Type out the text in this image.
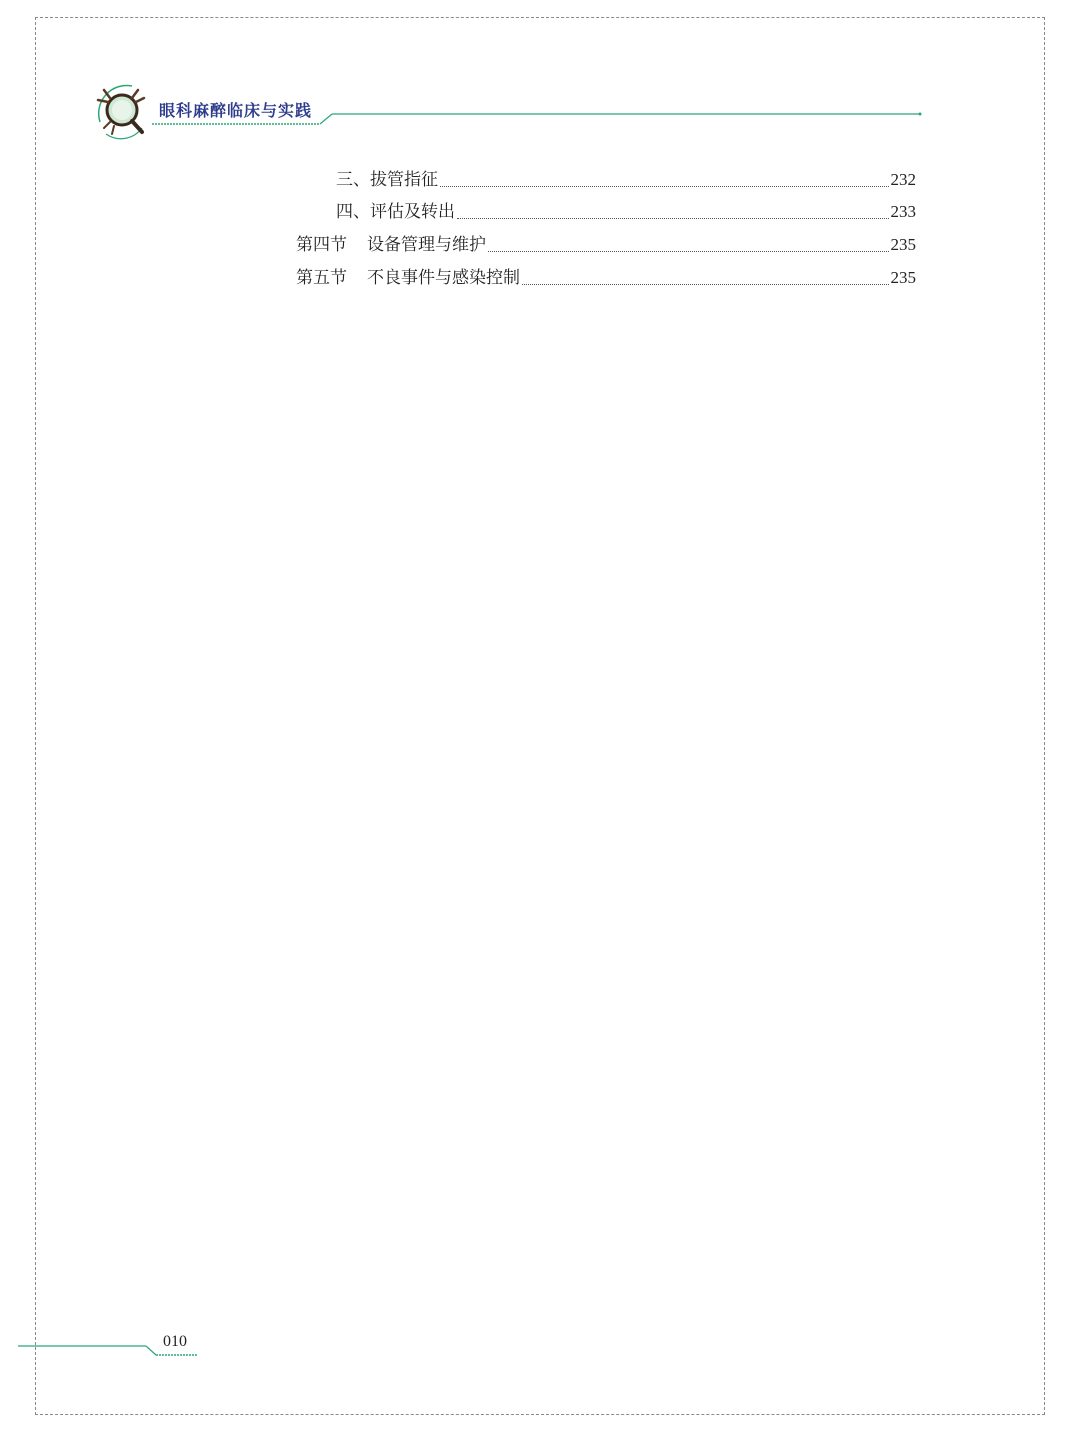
眼科麻醉临床与实践
三、拔管指征	232
四、评估及转出	233
第四节 设备管理与维护	235
第五节 不良事件与感染控制	235
010
